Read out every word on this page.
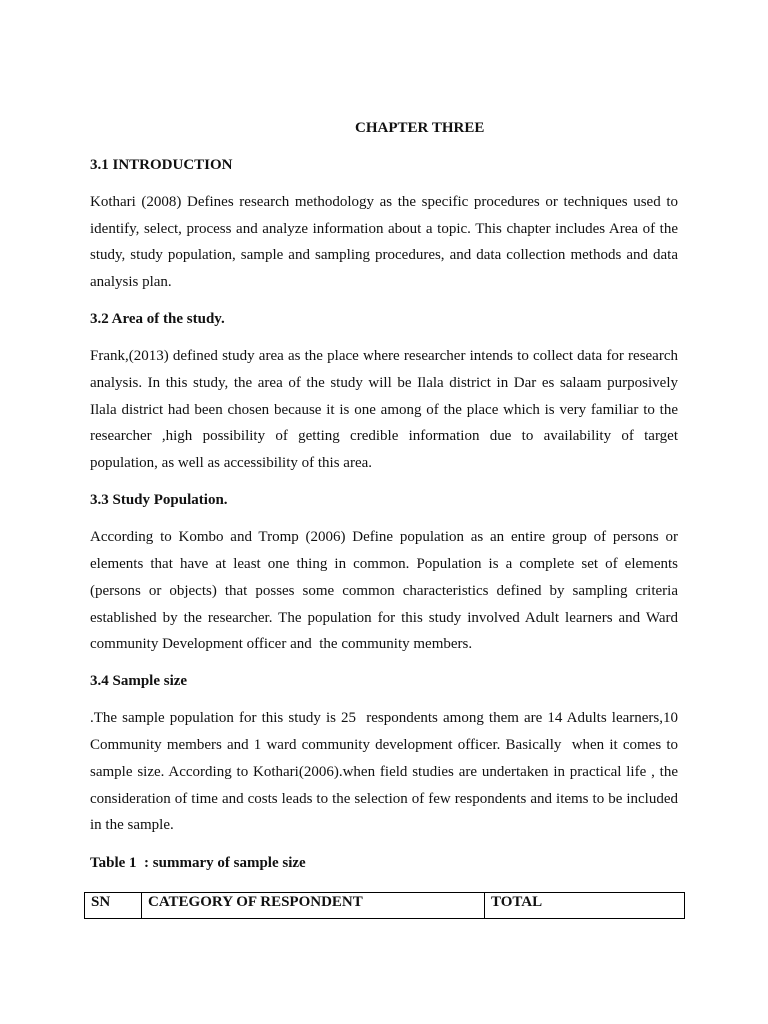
CHAPTER THREE
3.1 INTRODUCTION
Kothari (2008) Defines research methodology as the specific procedures or techniques used to
identify, select, process and analyze information about a topic. This chapter includes Area of the
study, study population, sample and sampling procedures, and data collection methods and data
analysis plan.
3.2 Area of the study.
Frank,(2013) defined study area as the place where researcher intends to collect data for research
analysis. In this study, the area of the study will be Ilala district in Dar es salaam purposively
Ilala district had been chosen because it is one among of the place which is very familiar to the
researcher ,high possibility of getting credible information due to availability of target
population, as well as accessibility of this area.
3.3 Study Population.
According to Kombo and Tromp (2006) Define population as an entire group of persons or
elements that have at least one thing in common. Population is a complete set of elements
(persons or objects) that posses some common characteristics defined by sampling criteria
established by the researcher. The population for this study involved Adult learners and Ward
community Development officer and  the community members.
3.4 Sample size
.The sample population for this study is 25  respondents among them are 14 Adults learners,10
Community members and 1 ward community development officer. Basically  when it comes to
sample size. According to Kothari(2006).when field studies are undertaken in practical life , the
consideration of time and costs leads to the selection of few respondents and items to be included
in the sample.
Table 1  : summary of sample size
SN	CATEGORY OF RESPONDENT	TOTAL
